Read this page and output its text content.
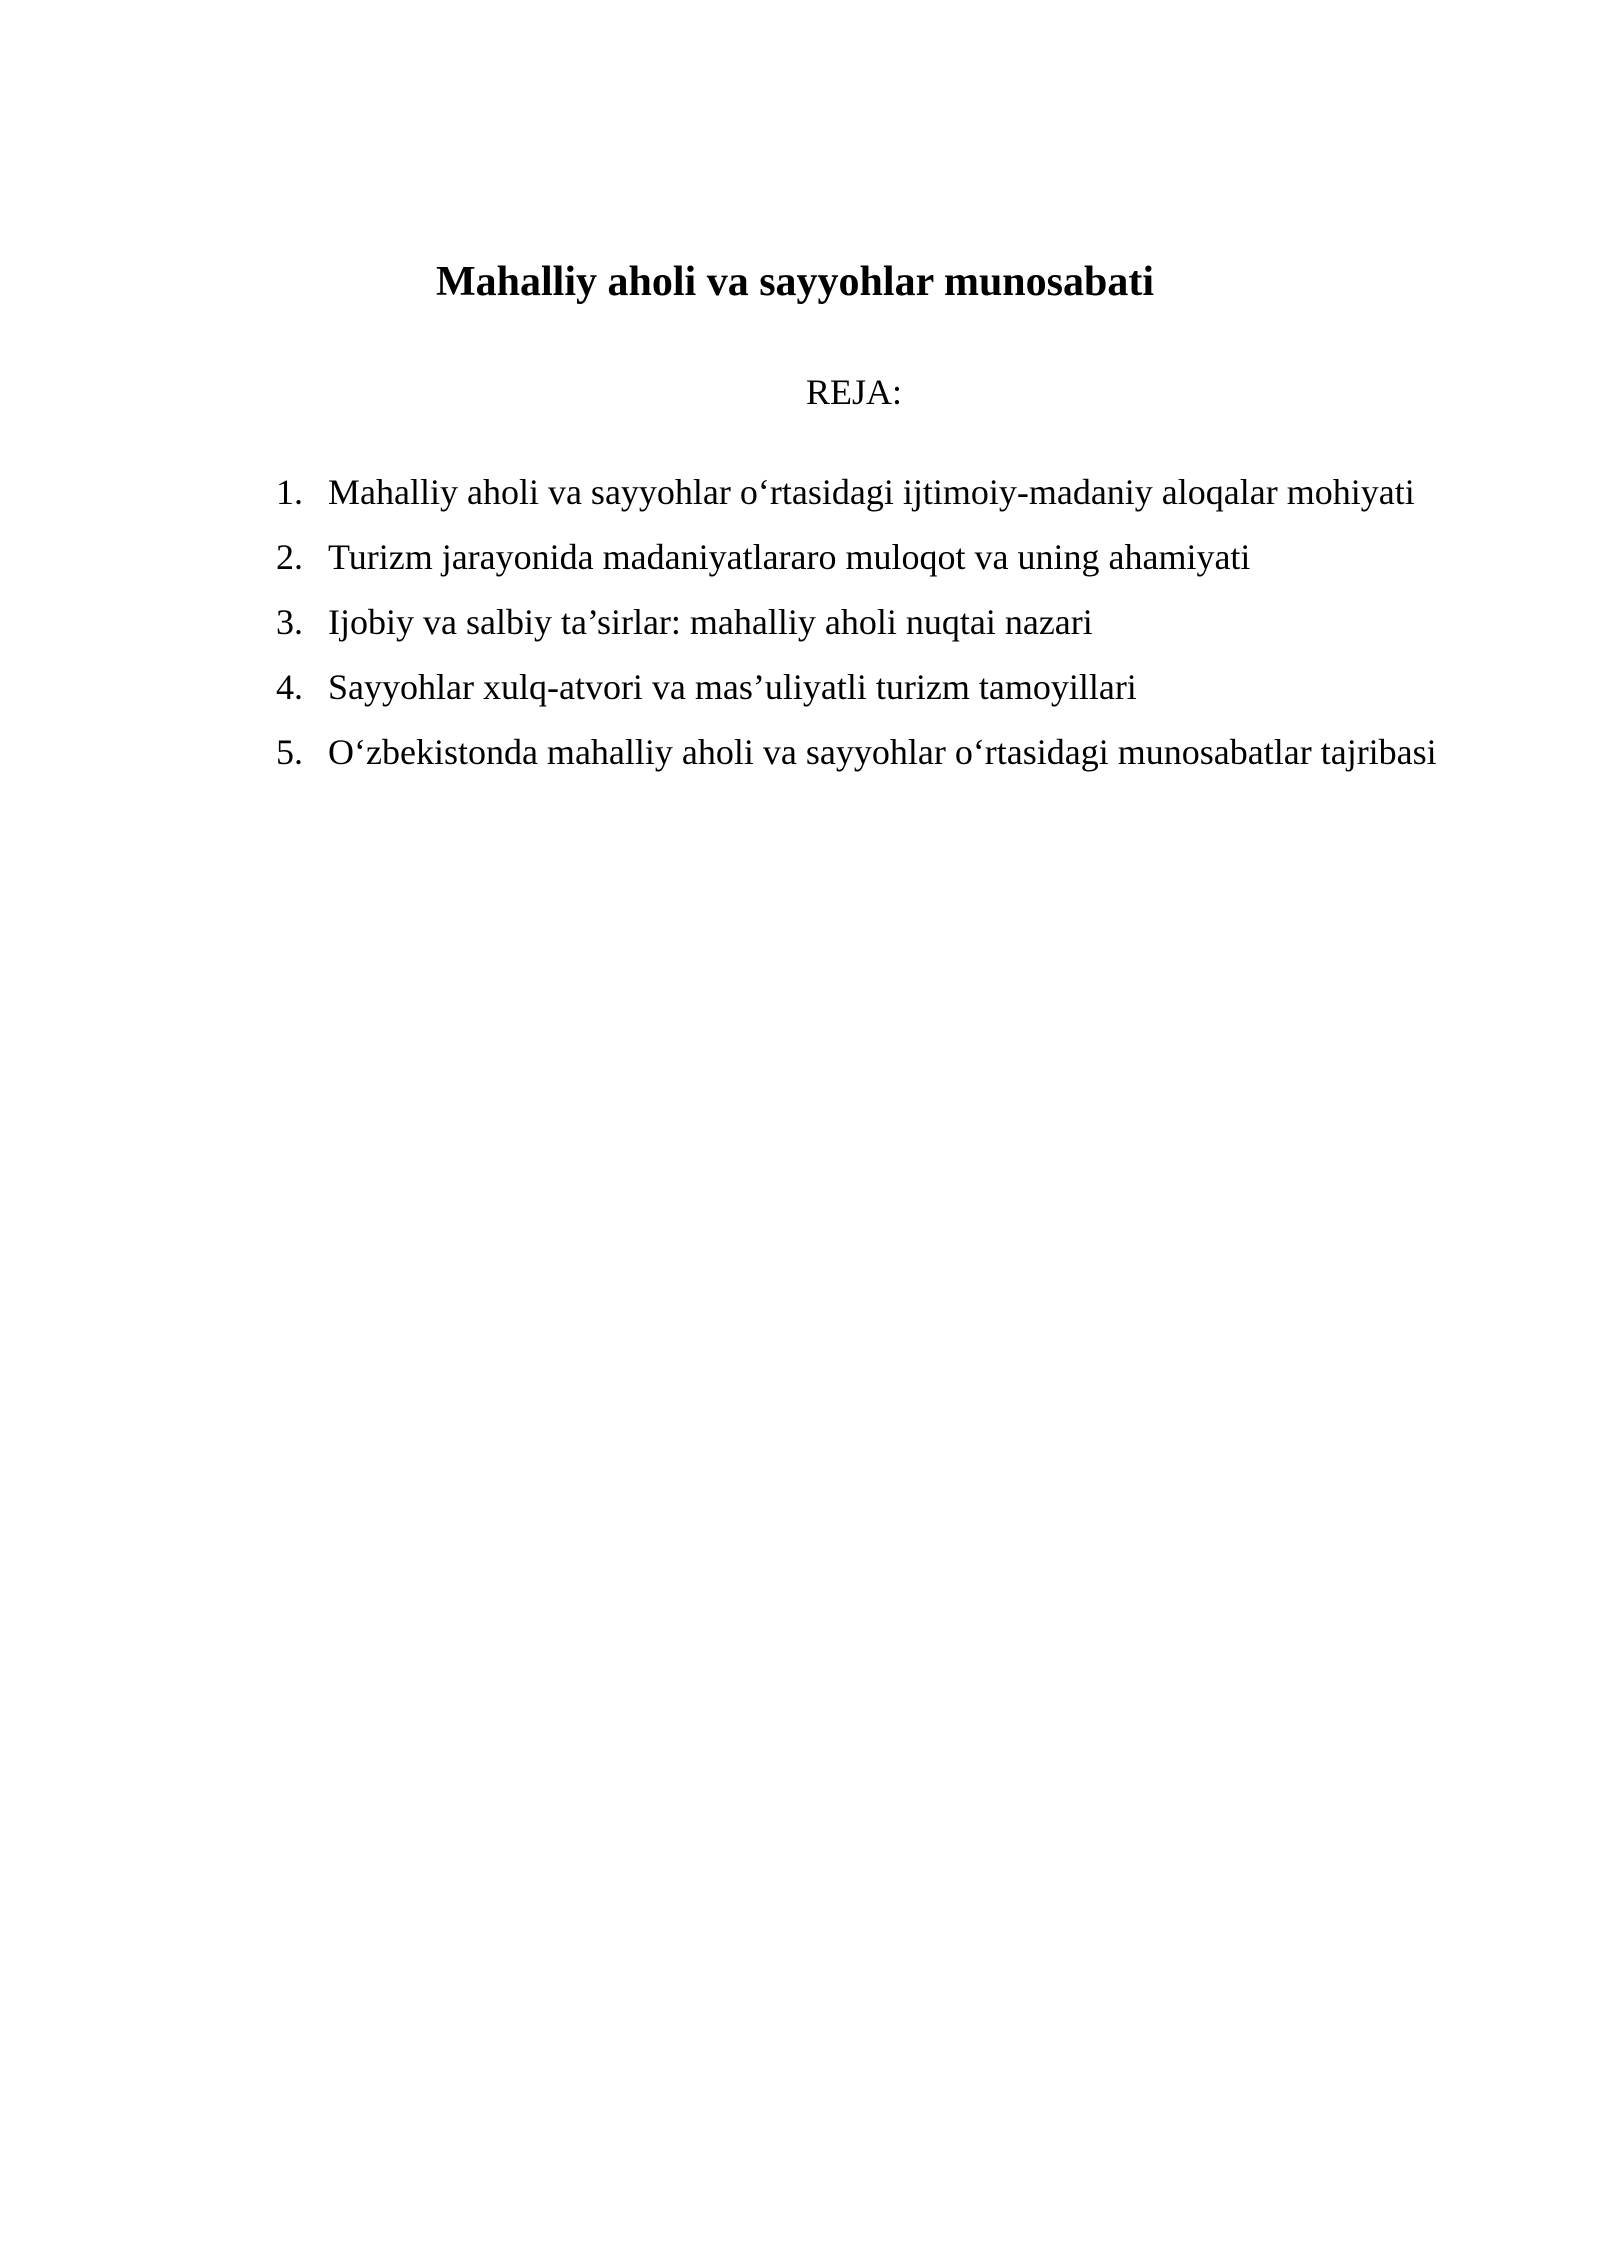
Mahalliy aholi va sayyohlar munosabati

REJA:

1. Mahalliy aholi va sayyohlar o‘rtasidagi ijtimoiy-madaniy aloqalar mohiyati
2. Turizm jarayonida madaniyatlararo muloqot va uning ahamiyati
3. Ijobiy va salbiy ta’sirlar: mahalliy aholi nuqtai nazari
4. Sayyohlar xulq-atvori va mas’uliyatli turizm tamoyillari
5. O‘zbekistonda mahalliy aholi va sayyohlar o‘rtasidagi munosabatlar tajribasi
